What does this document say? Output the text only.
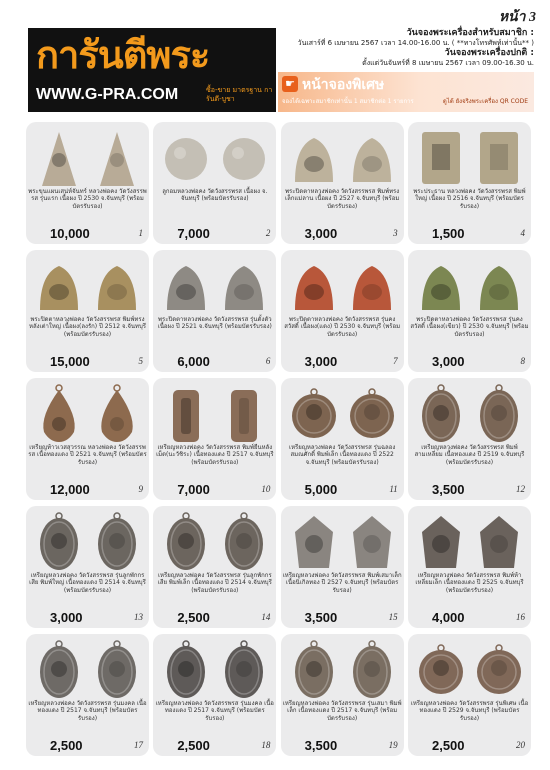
หน้า 3
การันตีพระ
WWW.G-PRA.COM	ซื้อ-ขาย มาตรฐาน การันตี-บูชา
วันจองพระเครื่องสำหรับสมาชิก :
วันเสาร์ที่ 6 เมษายน 2567 เวลา 14.00-16.00 น. ( **ทางโทรศัพท์เท่านั้น** )
วันจองพระเครื่องปกติ :
ตั้งแต่วันจันทร์ที่ 8 เมษายน 2567 เวลา 09.00-16.30 น.
☛ หน้าจองพิเศษ
จองได้เฉพาะสมาชิกเท่านั้น 1 สมาชิกต่อ 1 รายการ	ดูได้ ยังจริงพระเครื่อง QR CODE
พระขุนแผนเสน่ห์จันทร์ หลวงพ่อคง วัดวังสรรพรส รุ่นแรก เนื้อผง ปี 2530 จ.จันทบุรี (พร้อมบัตรรับรอง)
10,000	1
ลูกอมหลวงพ่อคง วัดวังสรรพรส เนื้อผง จ. จันทบุรี (พร้อมบัตรรับรอง)
7,000	2
พระปิดตาหลวงพ่อคง วัดวังสรรพรส พิมพ์ทรงเล็กแม่ลาน เนื้อผง ปี 2527 จ.จันทบุรี (พร้อมบัตรรับรอง)
3,000	3
พระประธาน หลวงพ่อคง วัดวังสรรพรส พิมพ์ใหญ่ เนื้อผง ปี 2516 จ.จันทบุรี (พร้อมบัตรรับรอง)
1,500	4
พระปิดตาหลวงพ่อคง วัดวังสรรพรส พิมพ์ทรงหลังเต่าใหญ่ เนื้อผง(ลงรัก) ปี 2512 จ.จันทบุรี (พร้อมบัตรรับรอง)
15,000	5
พระปิดตาหลวงพ่อคง วัดวังสรรพรส รุ่นตั้งตัว เนื้อผง ปี 2521 จ.จันทบุรี (พร้อมบัตรรับรอง)
6,000	6
พระปิดตาหลวงพ่อคง วัดวังสรรพรส รุ่นคงสวัสดิ์ เนื้อผง(แดง) ปี 2530 จ.จันทบุรี (พร้อมบัตรรับรอง)
3,000	7
พระปิดตาหลวงพ่อคง วัดวังสรรพรส รุ่นคงสวัสดิ์ เนื้อผง(เขียว) ปี 2530 จ.จันทบุรี (พร้อมบัตรรับรอง)
3,000	8
เหรียญท้าวเวสสุวรรณ หลวงพ่อคง วัดวังสรรพรส เนื้อทองแดง ปี 2521 จ.จันทบุรี (พร้อมบัตรรับรอง)
12,000	9
เหรียญหลวงพ่อคง วัดวังสรรพรส พิมพ์ยืนหลังเม็ด(นะวัชิระ) เนื้อทองแดง ปี 2517 จ.จันทบุรี (พร้อมบัตรรับรอง)
7,000	10
เหรียญหลวงพ่อคง วัดวังสรรพรส รุ่นฉลองสมณศักดิ์ พิมพ์เล็ก เนื้อทองแดง ปี 2522 จ.จันทบุรี (พร้อมบัตรรับรอง)
5,000	11
เหรียญหลวงพ่อคง วัดวังสรรพรส พิมพ์สามเหลี่ยม เนื้อทองแดง ปี 2519 จ.จันทบุรี (พร้อมบัตรรับรอง)
3,500	12
เหรียญหลวงพ่อคง วัดวังสรรพรส รุ่นลูกพักกรเสีย พิมพ์ใหญ่ เนื้อทองแดง ปี 2514 จ.จันทบุรี (พร้อมบัตรรับรอง)
3,000	13
เหรียญหลวงพ่อคง วัดวังสรรพรส รุ่นลูกพักกรเสีย พิมพ์เล็ก เนื้อทองแดง ปี 2514 จ.จันทบุรี (พร้อมบัตรรับรอง)
2,500	14
เหรียญหลวงพ่อคง วัดวังสรรพรส พิมพ์เสมาเล็ก เนื้อนิเกิลทอง ปี 2527 จ.จันทบุรี (พร้อมบัตรรับรอง)
3,500	15
เหรียญหลวงพ่อคง วัดวังสรรพรส พิมพ์ห้าเหลี่ยมเล็ก เนื้อทองแดง ปี 2525 จ.จันทบุรี (พร้อมบัตรรับรอง)
4,000	16
เหรียญหลวงพ่อคง วัดวังสรรพรส รุ่นมงคล เนื้อทองแดง ปี 2517 จ.จันทบุรี (พร้อมบัตรรับรอง)
2,500	17
เหรียญหลวงพ่อคง วัดวังสรรพรส รุ่นมงคล เนื้อทองแดง ปี 2517 จ.จันทบุรี (พร้อมบัตรรับรอง)
2,500	18
เหรียญหลวงพ่อคง วัดวังสรรพรส รุ่นเสมา พิมพ์เล็ก เนื้อทองแดง ปี 2517 จ.จันทบุรี (พร้อมบัตรรับรอง)
3,500	19
เหรียญหลวงพ่อคง วัดวังสรรพรส รุ่นพิเศษ เนื้อทองแดง ปี 2529 จ.จันทบุรี (พร้อมบัตรรับรอง)
2,500	20
